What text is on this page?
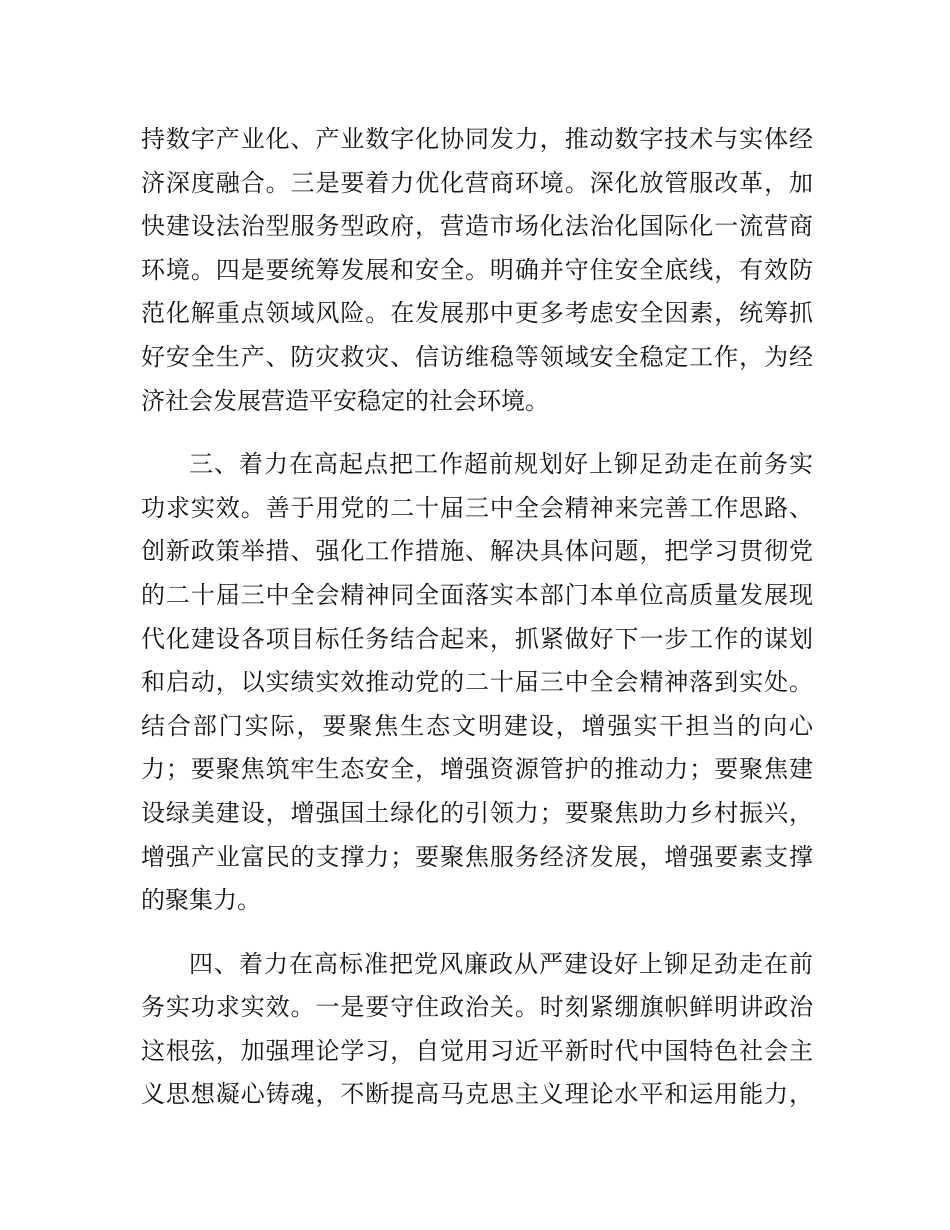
持数字产业化、产业数字化协同发力，推动数字技术与实体经
济深度融合。三是要着力优化营商环境。深化放管服改革，加
快建设法治型服务型政府，营造市场化法治化国际化一流营商
环境。四是要统筹发展和安全。明确并守住安全底线，有效防
范化解重点领域风险。在发展那中更多考虑安全因素，统筹抓
好安全生产、防灾救灾、信访维稳等领域安全稳定工作，为经
济社会发展营造平安稳定的社会环境。
三、着力在高起点把工作超前规划好上铆足劲走在前务实
功求实效。善于用党的二十届三中全会精神来完善工作思路、
创新政策举措、强化工作措施、解决具体问题，把学习贯彻党
的二十届三中全会精神同全面落实本部门本单位高质量发展现
代化建设各项目标任务结合起来，抓紧做好下一步工作的谋划
和启动，以实绩实效推动党的二十届三中全会精神落到实处。
结合部门实际，要聚焦生态文明建设，增强实干担当的向心
力；要聚焦筑牢生态安全，增强资源管护的推动力；要聚焦建
设绿美建设，增强国土绿化的引领力；要聚焦助力乡村振兴，
增强产业富民的支撑力；要聚焦服务经济发展，增强要素支撑
的聚集力。
四、着力在高标准把党风廉政从严建设好上铆足劲走在前
务实功求实效。一是要守住政治关。时刻紧绷旗帜鲜明讲政治
这根弦，加强理论学习，自觉用习近平新时代中国特色社会主
义思想凝心铸魂，不断提高马克思主义理论水平和运用能力，
